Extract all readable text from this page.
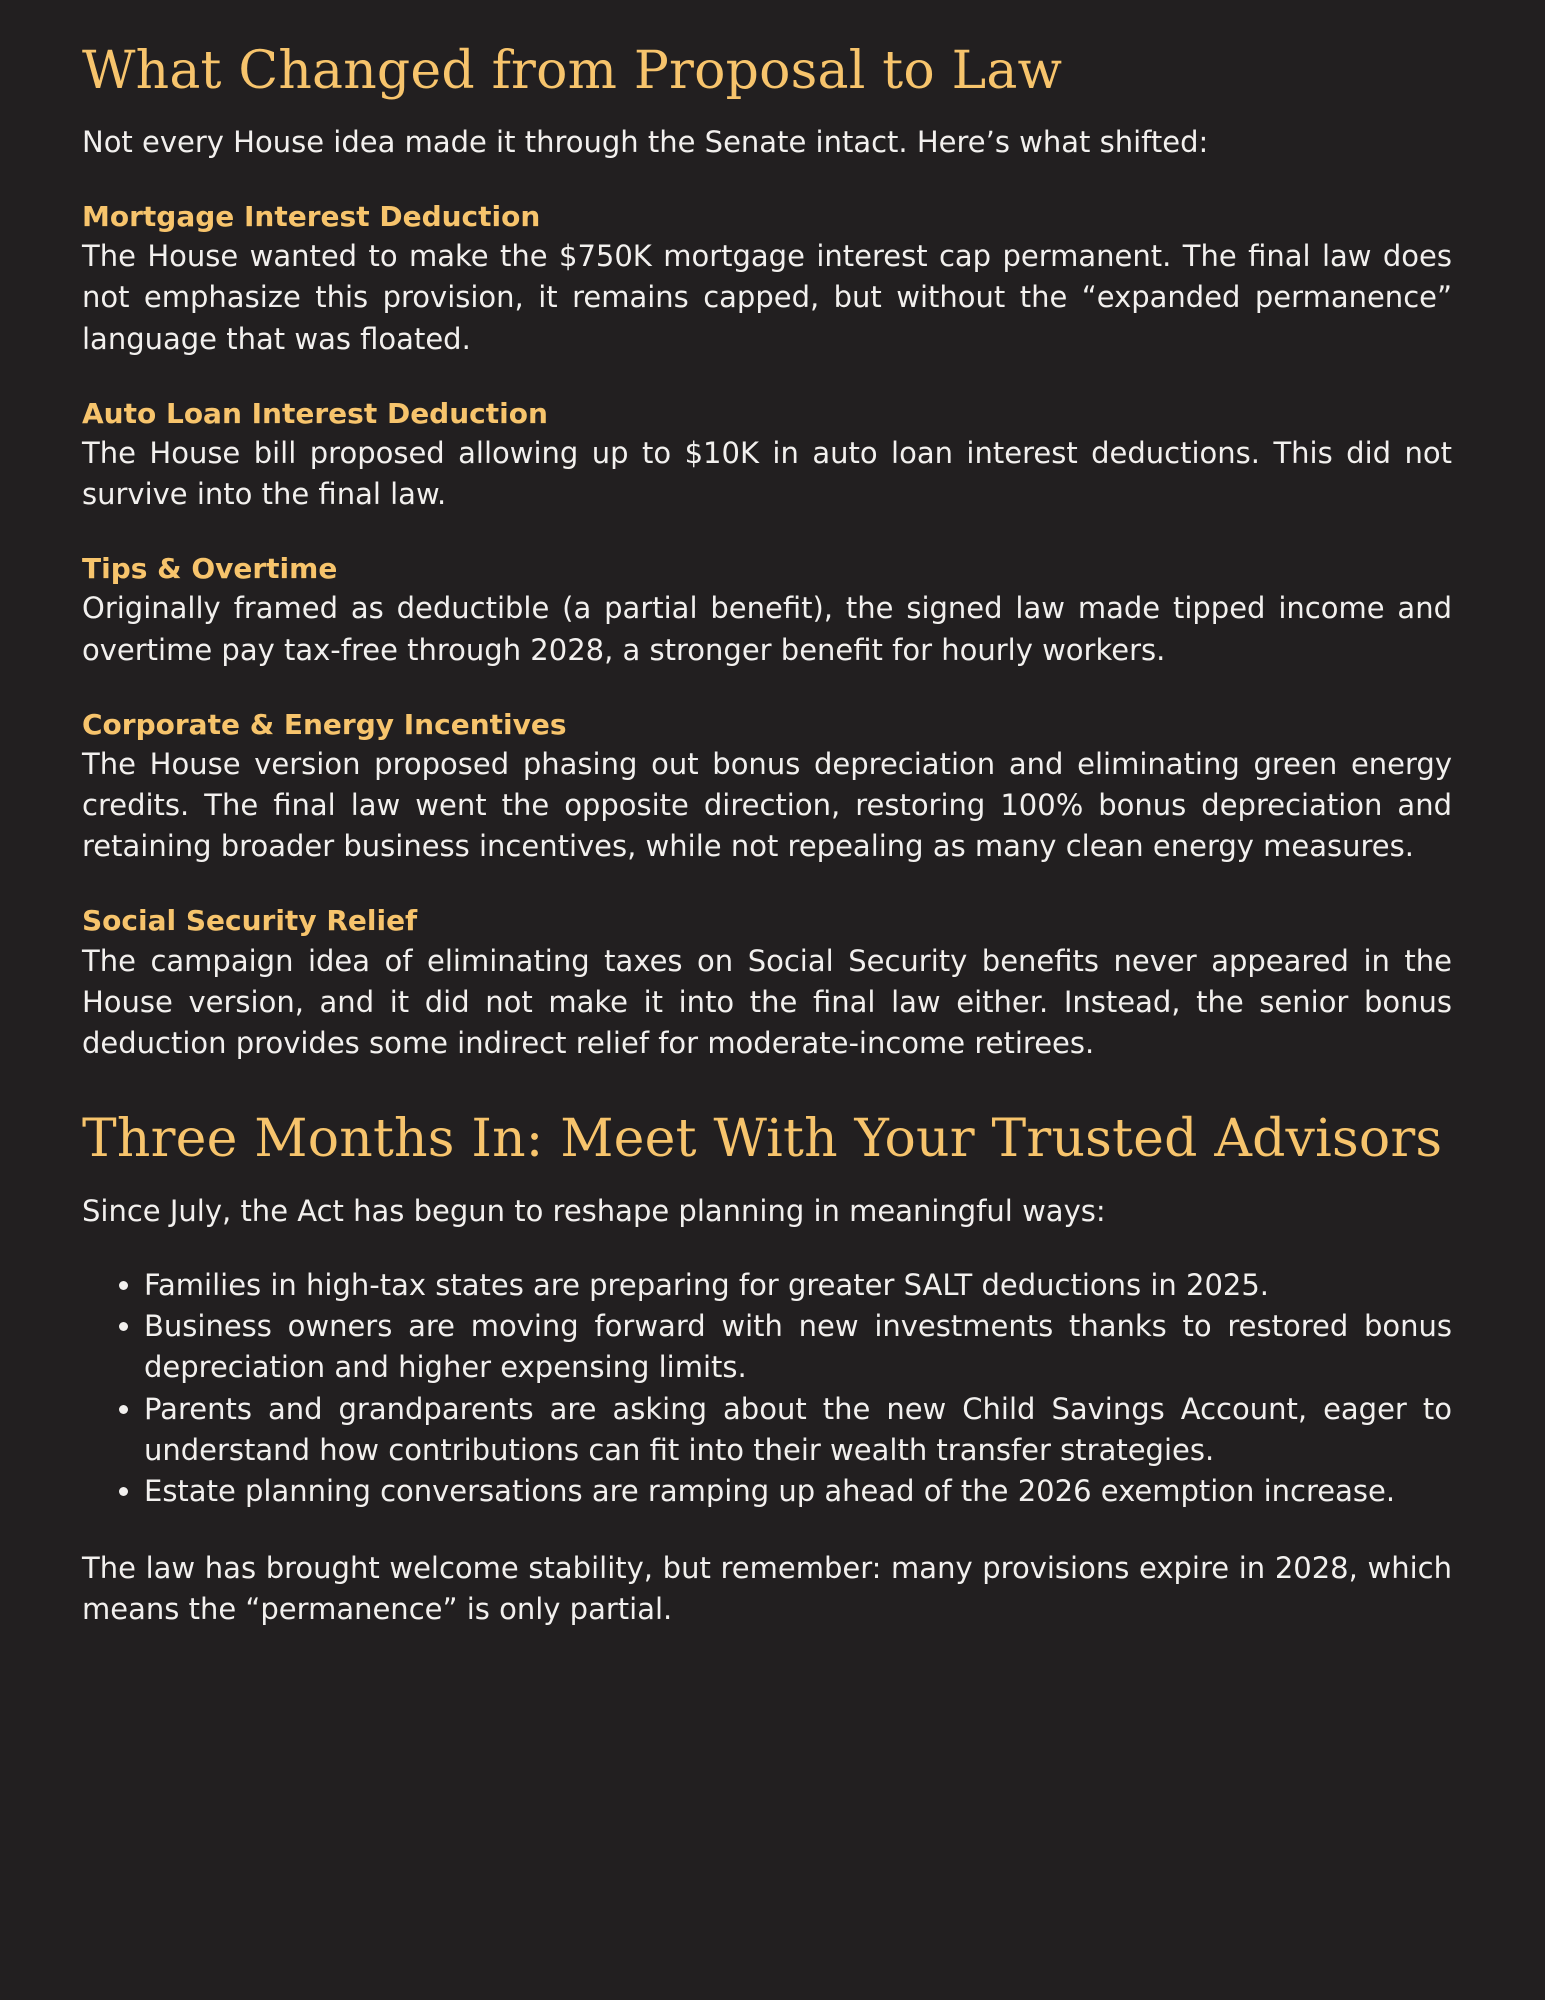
What Changed from Proposal to Law

Not every House idea made it through the Senate intact. Here’s what shifted:

Mortgage Interest Deduction

The House wanted to make the $750K mortgage interest cap permanent. The final law does not emphasize this provision, it remains capped, but without the “expanded permanence” language that was floated.

Auto Loan Interest Deduction

The House bill proposed allowing up to $10K in auto loan interest deductions. This did not survive into the final law.

Tips & Overtime

Originally framed as deductible (a partial benefit), the signed law made tipped income and overtime pay tax-free through 2028, a stronger benefit for hourly workers.

Corporate & Energy Incentives

The House version proposed phasing out bonus depreciation and eliminating green energy credits. The final law went the opposite direction, restoring 100% bonus depreciation and retaining broader business incentives, while not repealing as many clean energy measures.

Social Security Relief

The campaign idea of eliminating taxes on Social Security benefits never appeared in the House version, and it did not make it into the final law either. Instead, the senior bonus deduction provides some indirect relief for moderate-income retirees.

Three Months In: Meet With Your Trusted Advisors

Since July, the Act has begun to reshape planning in meaningful ways:

• Families in high-tax states are preparing for greater SALT deductions in 2025.
• Business owners are moving forward with new investments thanks to restored bonus depreciation and higher expensing limits.
• Parents and grandparents are asking about the new Child Savings Account, eager to understand how contributions can fit into their wealth transfer strategies.
• Estate planning conversations are ramping up ahead of the 2026 exemption increase.

The law has brought welcome stability, but remember: many provisions expire in 2028, which means the “permanence” is only partial.
